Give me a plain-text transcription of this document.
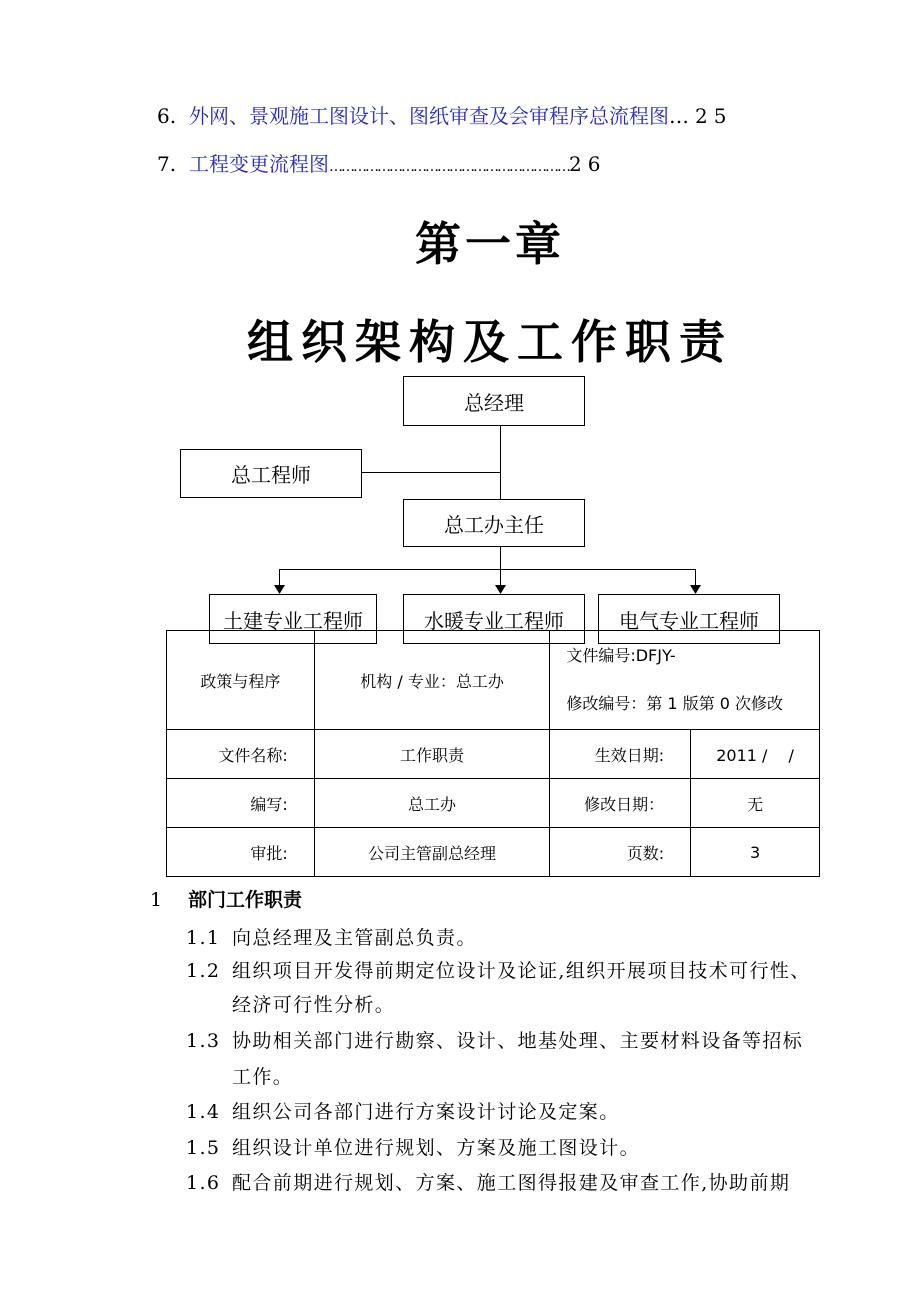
6. 外网、景观施工图设计、图纸审查及会审程序总流程图… 25
7. 工程变更流程图……………………………………………………26
第一章
组织架构及工作职责
总经理
总工程师
总工办主任
土建专业工程师	水暖专业工程师	电气专业工程师
政策与程序	机构 / 专业：总工办	文件编号:DFJY-
修改编号：第 1 版第 0 次修改	

文件名称:	工作职责	生效日期:	2011 /　 /
编写:	总工办	修改日期：	无
审批:	公司主管副总经理	页数:	3
1 部门工作职责
1.1 向总经理及主管副总负责。
1.2 组织项目开发得前期定位设计及论证,组织开展项目技术可行性、
经济可行性分析。
1.3 协助相关部门进行勘察、设计、地基处理、主要材料设备等招标
工作。
1.4 组织公司各部门进行方案设计讨论及定案。
1.5 组织设计单位进行规划、方案及施工图设计。
1.6 配合前期进行规划、方案、施工图得报建及审查工作,协助前期
